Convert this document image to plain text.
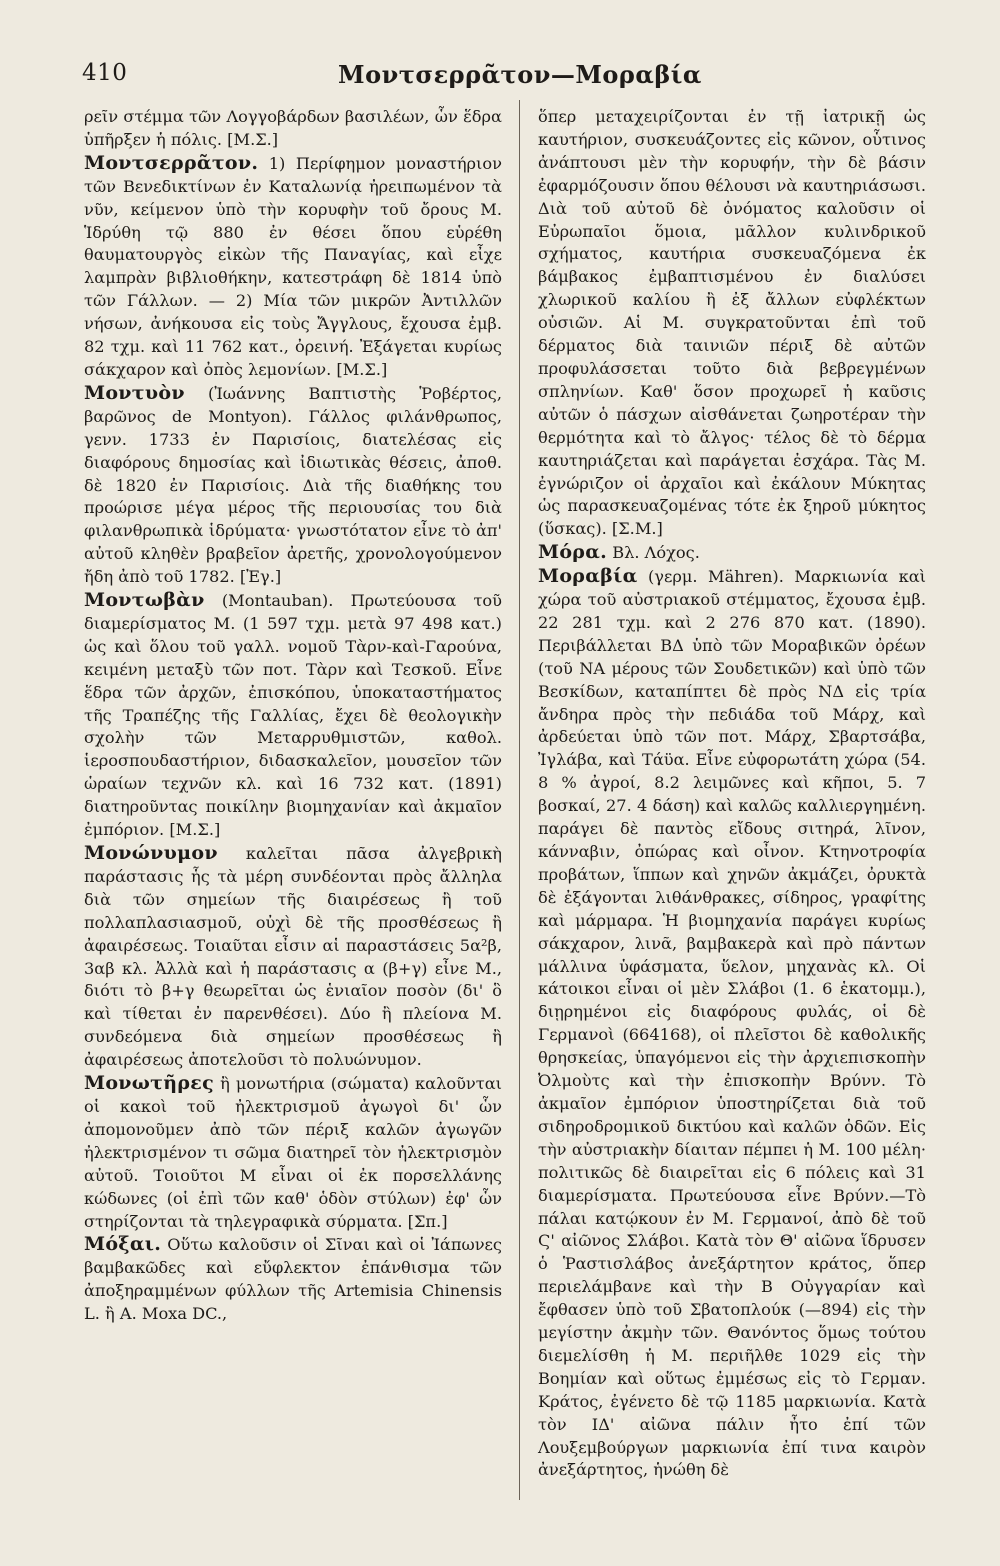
410	Μοντσερρᾶτον—Μοραβία

ρεῖν στέμμα τῶν Λογγοβάρδων βασιλέων, ὧν ἕδρα ὑπῆρξεν ἡ πόλις. [Μ.Σ.]

Μοντσερρᾶτον. 1) Περίφημον μοναστήριον τῶν Βενεδικτίνων ἐν Καταλωνίᾳ ἠρειπωμένον τὰ νῦν, κείμενον ὑπὸ τὴν κορυφὴν τοῦ ὄρους Μ. Ἱδρύθη τῷ 880 ἐν θέσει ὅπου εὑρέθη θαυματουργὸς εἰκὼν τῆς Παναγίας, καὶ εἶχε λαμπρὰν βιβλιοθήκην, κατεστράφη δὲ 1814 ὑπὸ τῶν Γάλλων. — 2) Μία τῶν μικρῶν Ἀντιλλῶν νήσων, ἀνήκουσα εἰς τοὺς Ἄγγλους, ἔχουσα ἐμβ. 82 τχμ. καὶ 11 762 κατ., ὀρεινή. Ἐξάγεται κυρίως σάκχαρον καὶ ὀπὸς λεμονίων. [Μ.Σ.]

Μοντυὸν (Ἰωάννης Βαπτιστὴς Ῥοβέρτος, βαρῶνος de Montyon). Γάλλος φιλάνθρωπος, γενν. 1733 ἐν Παρισίοις, διατελέσας εἰς διαφόρους δημοσίας καὶ ἰδιωτικὰς θέσεις, ἀποθ. δὲ 1820 ἐν Παρισίοις. Διὰ τῆς διαθήκης του προώρισε μέγα μέρος τῆς περιουσίας του διὰ φιλανθρωπικὰ ἱδρύματα· γνωστότατον εἶνε τὸ ἀπ' αὐτοῦ κληθὲν βραβεῖον ἀρετῆς, χρονολογούμενον ἤδη ἀπὸ τοῦ 1782. [Ἐγ.]

Μοντωβὰν (Montauban). Πρωτεύουσα τοῦ διαμερίσματος Μ. (1 597 τχμ. μετὰ 97 498 κατ.) ὡς καὶ ὅλου τοῦ γαλλ. νομοῦ Τὰρν-καὶ-Γαρούνα, κειμένη μεταξὺ τῶν ποτ. Τὰρν καὶ Τεσκοῦ. Εἶνε ἕδρα τῶν ἀρχῶν, ἐπισκόπου, ὑποκαταστήματος τῆς Τραπέζης τῆς Γαλλίας, ἔχει δὲ θεολογικὴν σχολὴν τῶν Μεταρρυθμιστῶν, καθολ. ἱεροσπουδαστήριον, διδασκαλεῖον, μουσεῖον τῶν ὡραίων τεχνῶν κλ. καὶ 16 732 κατ. (1891) διατηροῦντας ποικίλην βιομηχανίαν καὶ ἀκμαῖον ἐμπόριον. [Μ.Σ.]

Μονώνυμον καλεῖται πᾶσα ἀλγεβρικὴ παράστασις ἧς τὰ μέρη συνδέονται πρὸς ἄλληλα διὰ τῶν σημείων τῆς διαιρέσεως ἢ τοῦ πολλαπλασιασμοῦ, οὐχὶ δὲ τῆς προσθέσεως ἢ ἀφαιρέσεως. Τοιαῦται εἶσιν αἱ παραστάσεις 5α²β, 3αβ κλ. Ἀλλὰ καὶ ἡ παράστασις α (β+γ) εἶνε Μ., διότι τὸ β+γ θεωρεῖται ὡς ἑνιαῖον ποσὸν (δι' ὃ καὶ τίθεται ἐν παρενθέσει). Δύο ἢ πλείονα Μ. συνδεόμενα διὰ σημείων προσθέσεως ἢ ἀφαιρέσεως ἀποτελοῦσι τὸ πολυώνυμον.

Μονωτῆρες ἢ μονωτήρια (σώματα) καλοῦνται οἱ κακοὶ τοῦ ἠλεκτρισμοῦ ἀγωγοὶ δι' ὧν ἀπομονοῦμεν ἀπὸ τῶν πέριξ καλῶν ἀγωγῶν ἠλεκτρισμένον τι σῶμα διατηρεῖ τὸν ἠλεκτρισμὸν αὐτοῦ. Τοιοῦτοι Μ εἶναι οἱ ἐκ πορσελλάνης κώδωνες (οἱ ἐπὶ τῶν καθ' ὁδὸν στύλων) ἐφ' ὧν στηρίζονται τὰ τηλεγραφικὰ σύρματα. [Σπ.]

Μόξαι. Οὕτω καλοῦσιν οἱ Σῖναι καὶ οἱ Ἰάπωνες βαμβακῶδες καὶ εὔφλεκτον ἐπάνθισμα τῶν ἀποξηραμμένων φύλλων τῆς Artemisia Chinensis L. ἢ Α. Moxa DC.,

ὅπερ μεταχειρίζονται ἐν τῇ ἰατρικῇ ὡς καυτήριον, συσκευάζοντες εἰς κῶνον, οὗτινος ἀνάπτουσι μὲν τὴν κορυφήν, τὴν δὲ βάσιν ἐφαρμόζουσιν ὅπου θέλουσι νὰ καυτηριάσωσι. Διὰ τοῦ αὐτοῦ δὲ ὀνόματος καλοῦσιν οἱ Εὐρωπαῖοι ὅμοια, μᾶλλον κυλινδρικοῦ σχήματος, καυτήρια συσκευαζόμενα ἐκ βάμβακος ἐμβαπτισμένου ἐν διαλύσει χλωρικοῦ καλίου ἢ ἐξ ἄλλων εὐφλέκτων οὐσιῶν. Αἱ Μ. συγκρατοῦνται ἐπὶ τοῦ δέρματος διὰ ταινιῶν πέριξ δὲ αὐτῶν προφυλάσσεται τοῦτο διὰ βεβρεγμένων σπληνίων. Καθ' ὅσον προχωρεῖ ἡ καῦσις αὐτῶν ὁ πάσχων αἰσθάνεται ζωηροτέραν τὴν θερμότητα καὶ τὸ ἄλγος· τέλος δὲ τὸ δέρμα καυτηριάζεται καὶ παράγεται ἐσχάρα. Τὰς Μ. ἐγνώριζον οἱ ἀρχαῖοι καὶ ἐκάλουν Μύκητας ὡς παρασκευαζομένας τότε ἐκ ξηροῦ μύκητος (ὕσκας). [Σ.Μ.]

Μόρα. Βλ. Λόχος.

Μοραβία (γερμ. Mähren). Μαρκιωνία καὶ χώρα τοῦ αὐστριακοῦ στέμματος, ἔχουσα ἐμβ. 22 281 τχμ. καὶ 2 276 870 κατ. (1890). Περιβάλλεται ΒΔ ὑπὸ τῶν Μοραβικῶν ὀρέων (τοῦ ΝΑ μέρους τῶν Σουδετικῶν) καὶ ὑπὸ τῶν Βεσκίδων, καταπίπτει δὲ πρὸς ΝΔ εἰς τρία ἄνδηρα πρὸς τὴν πεδιάδα τοῦ Μάρχ, καὶ ἀρδεύεται ὑπὸ τῶν ποτ. Μάρχ, Σβαρτσάβα, Ἰγλάβα, καὶ Τάϋα. Εἶνε εὐφορωτάτη χώρα (54. 8 % ἀγροί, 8.2 λειμῶνες καὶ κῆποι, 5. 7 βοσκαί, 27. 4 δάση) καὶ καλῶς καλλιεργημένη. παράγει δὲ παντὸς εἴδους σιτηρά, λῖνον, κάνναβιν, ὀπώρας καὶ οἶνον. Κτηνοτροφία προβάτων, ἵππων καὶ χηνῶν ἀκμάζει, ὀρυκτὰ δὲ ἐξάγονται λιθάνθρακες, σίδηρος, γραφίτης καὶ μάρμαρα. Ἡ βιομηχανία παράγει κυρίως σάκχαρον, λινᾶ, βαμβακερὰ καὶ πρὸ πάντων μάλλινα ὑφάσματα, ὕελον, μηχανὰς κλ. Οἱ κάτοικοι εἶναι οἱ μὲν Σλάβοι (1. 6 ἑκατομμ.), διῃρημένοι εἰς διαφόρους φυλάς, οἱ δὲ Γερμανοὶ (664168), οἱ πλεῖστοι δὲ καθολικῆς θρησκείας, ὑπαγόμενοι εἰς τὴν ἀρχιεπισκοπὴν Ὀλμοὺτς καὶ τὴν ἐπισκοπὴν Βρύνν. Τὸ ἀκμαῖον ἐμπόριον ὑποστηρίζεται διὰ τοῦ σιδηροδρομικοῦ δικτύου καὶ καλῶν ὁδῶν. Εἰς τὴν αὐστριακὴν δίαιταν πέμπει ἡ Μ. 100 μέλη· πολιτικῶς δὲ διαιρεῖται εἰς 6 πόλεις καὶ 31 διαμερίσματα. Πρωτεύουσα εἶνε Βρύνν.—Τὸ πάλαι κατῴκουν ἐν Μ. Γερμανοί, ἀπὸ δὲ τοῦ Ϛ' αἰῶνος Σλάβοι. Κατὰ τὸν Θ' αἰῶνα ἵδρυσεν ὁ Ῥαστισλάβος ἀνεξάρτητον κράτος, ὅπερ περιελάμβανε καὶ τὴν Β Οὐγγαρίαν καὶ ἔφθασεν ὑπὸ τοῦ Σβατοπλούκ (—894) εἰς τὴν μεγίστην ἀκμὴν τῶν. Θανόντος ὅμως τούτου διεμελίσθη ἡ Μ. περιῆλθε 1029 εἰς τὴν Βοημίαν καὶ οὕτως ἐμμέσως εἰς τὸ Γερμαν. Κράτος, ἐγένετο δὲ τῷ 1185 μαρκιωνία. Κατὰ τὸν ΙΔ' αἰῶνα πάλιν ἦτο ἐπί τῶν Λουξεμβούργων μαρκιωνία ἐπί τινα καιρὸν ἀνεξάρτητος, ἡνώθη δὲ
